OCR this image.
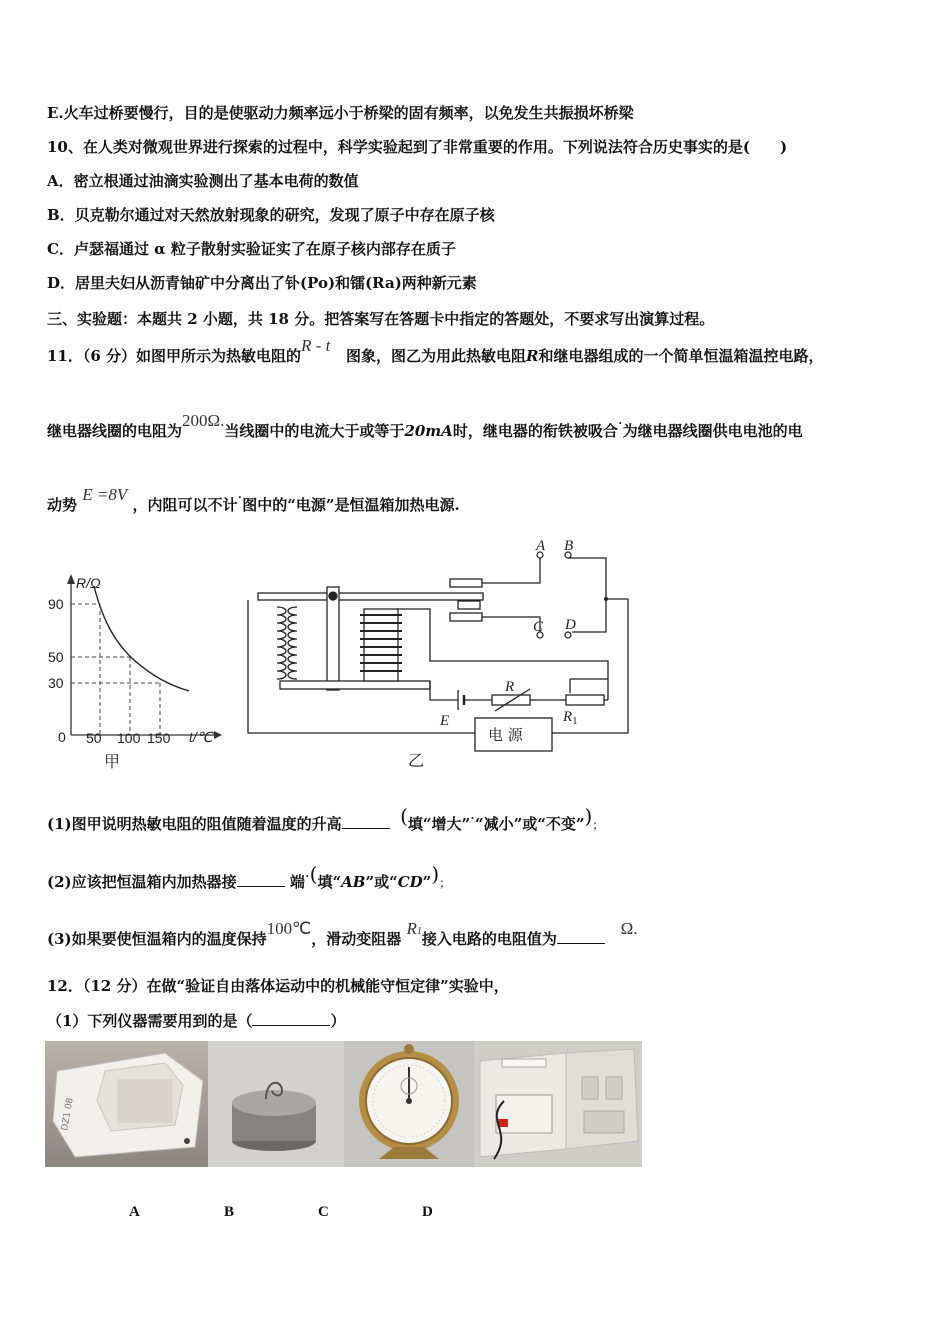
E.火车过桥要慢行，目的是使驱动力频率远小于桥梁的固有频率，以免发生共振损坏桥梁
10、在人类对微观世界进行探索的过程中，科学实验起到了非常重要的作用。下列说法符合历史事实的是(　　)
A．密立根通过油滴实验测出了基本电荷的数值
B．贝克勒尔通过对天然放射现象的研究，发现了原子中存在原子核
C．卢瑟福通过 α 粒子散射实验证实了在原子核内部存在质子
D．居里夫妇从沥青铀矿中分离出了钋(Po)和镭(Ra)两种新元素
三、实验题：本题共 2 小题，共 18 分。把答案写在答题卡中指定的答题处，不要求写出演算过程。
11．（6 分）如图甲所示为热敏电阻的R - t   图象，图乙为用此热敏电阻R和继电器组成的一个简单恒温箱温控电路，
继电器线圈的电阻为200Ω.当线圈中的电流大于或等于20mA时，继电器的衔铁被吸合·为继电器线圈供电电池的电
动势 E =8V ，内阻可以不计·图中的“电源”是恒温箱加热电源.
R/Ω
90
50
30
0 50 100 150 t/℃
甲
A B
C D
R
$R_1$
E
电 源
乙
(1)图甲说明热敏电阻的阻值随着温度的升高	(填“增大”·“减小”或“不变”)；
(2)应该把恒温箱内加热器接	端·(填“AB”或“CD”)；
(3)如果要使恒温箱内的温度保持100℃，滑动变阻器 R1接入电路的电阻值为   Ω.
12．（12 分）在做“验证自由落体运动中的机械能守恒定律”实验中，
（1）下列仪器需要用到的是（	）
DZ1 08
A	B	C	D
